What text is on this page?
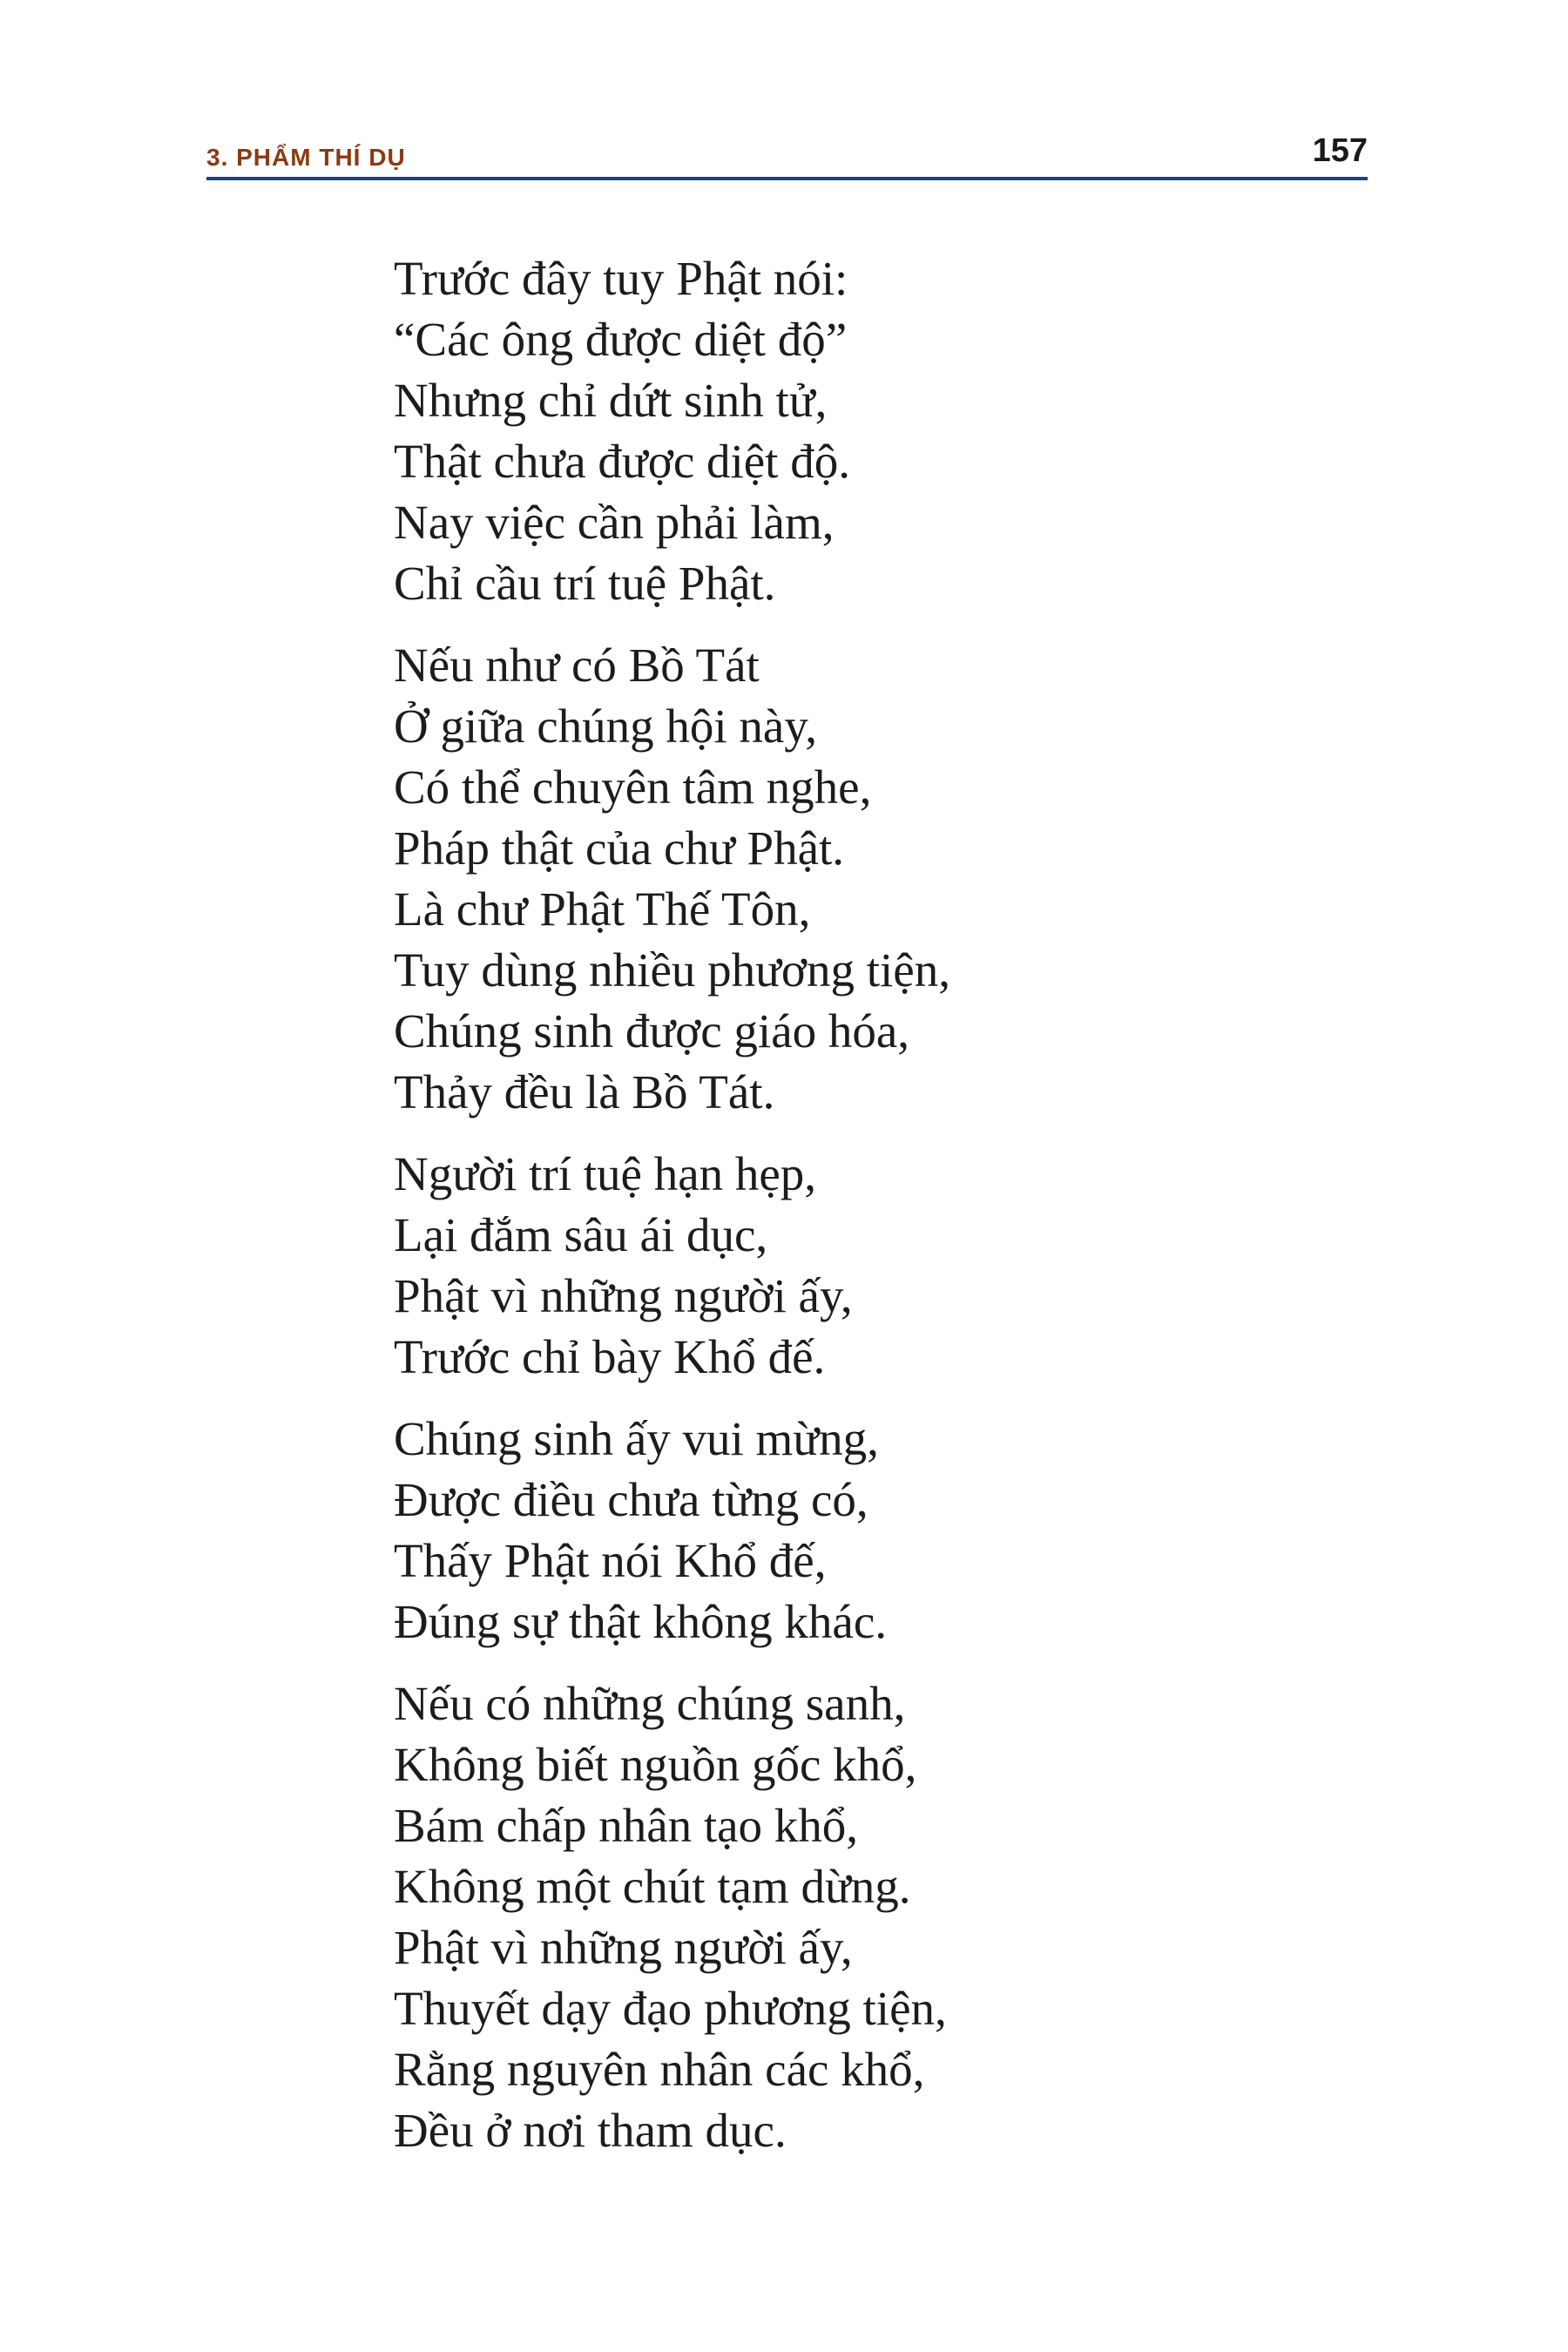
3. PHẨM THÍ DỤ	157
Trước đây tuy Phật nói:
“Các ông được diệt độ”
Nhưng chỉ dứt sinh tử,
Thật chưa được diệt độ.
Nay việc cần phải làm,
Chỉ cầu trí tuệ Phật.
Nếu như có Bồ Tát
Ở giữa chúng hội này,
Có thể chuyên tâm nghe,
Pháp thật của chư Phật.
Là chư Phật Thế Tôn,
Tuy dùng nhiều phương tiện,
Chúng sinh được giáo hóa,
Thảy đều là Bồ Tát.
Người trí tuệ hạn hẹp,
Lại đắm sâu ái dục,
Phật vì những người ấy,
Trước chỉ bày Khổ đế.
Chúng sinh ấy vui mừng,
Được điều chưa từng có,
Thấy Phật nói Khổ đế,
Đúng sự thật không khác.
Nếu có những chúng sanh,
Không biết nguồn gốc khổ,
Bám chấp nhân tạo khổ,
Không một chút tạm dừng.
Phật vì những người ấy,
Thuyết dạy đạo phương tiện,
Rằng nguyên nhân các khổ,
Đều ở nơi tham dục.
